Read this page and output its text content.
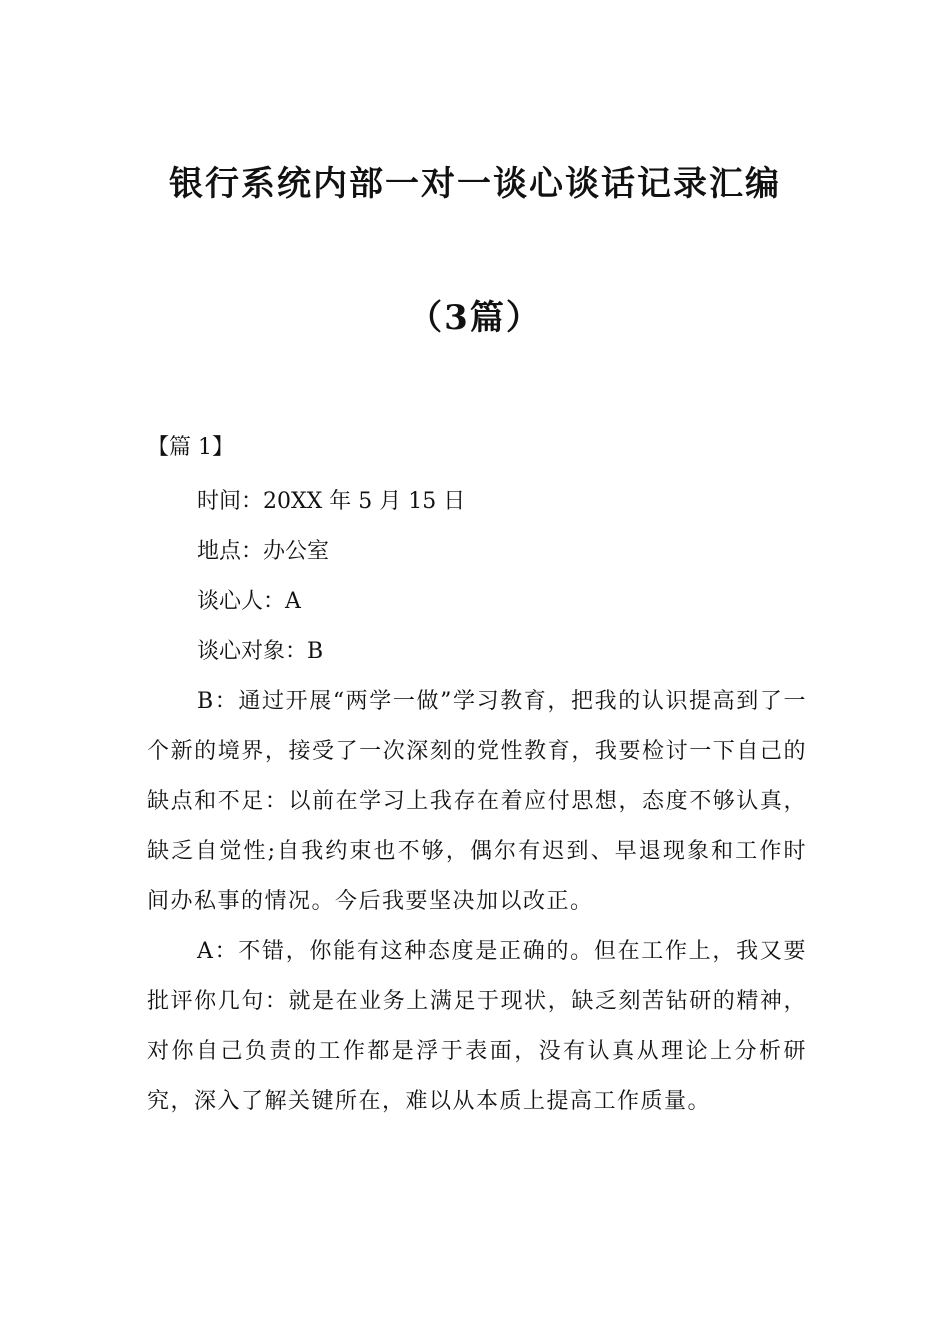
银行系统内部一对一谈心谈话记录汇编
（3篇）
【篇 1】

时间：20XX 年 5 月 15 日

地点：办公室

谈心人：A

谈心对象：B

B：通过开展“两学一做”学习教育，把我的认识提高到了一个新的境界，接受了一次深刻的党性教育，我要检讨一下自己的缺点和不足：以前在学习上我存在着应付思想，态度不够认真，缺乏自觉性;自我约束也不够，偶尔有迟到、早退现象和工作时间办私事的情况。今后我要坚决加以改正。

A：不错，你能有这种态度是正确的。但在工作上，我又要批评你几句：就是在业务上满足于现状，缺乏刻苦钻研的精神，对你自己负责的工作都是浮于表面，没有认真从理论上分析研究，深入了解关键所在，难以从本质上提高工作质量。
